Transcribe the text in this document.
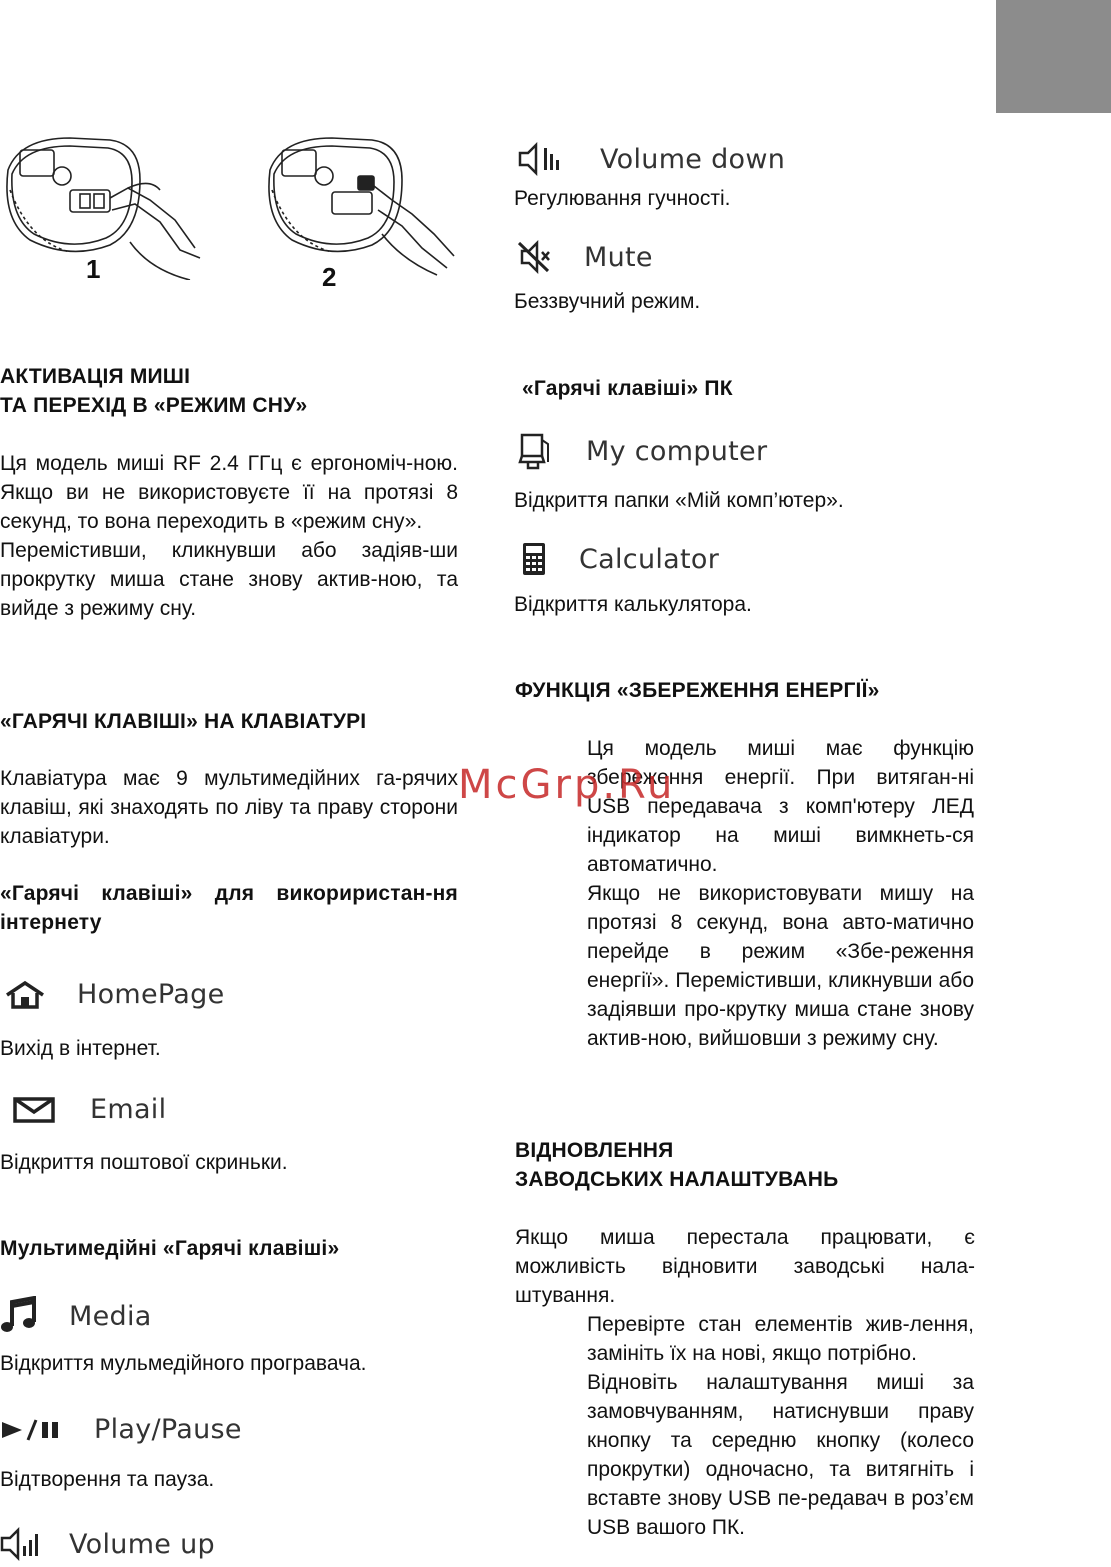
1	2

АКТИВАЦІЯ МИШІ

ТА ПЕРЕХІД В «РЕЖИМ СНУ»

Ця модель миші RF 2.4 ГГц є ергономіч-ною. Якщо ви не використовуєте її на протязі 8 секунд, то вона переходить в «режим сну».

Перемістивши, кликнувши або задіяв-ши прокрутку миша стане знову актив-ною, та вийде з режиму сну.

«ГАРЯЧІ КЛАВІШІ» НА КЛАВІАТУРІ

Клавіатура має 9 мультимедійних га-рячих клавіш, які знаходять по ліву та праву сторони клавіатури.

«Гарячі клавіші» для викориристан-ня інтернету

HomePage

Вихід в інтернет.

Email

Відкриття поштової скриньки.

Мультимедійні «Гарячі клавіші»

Media

Відкриття мульмедійного програвача.

Play/Pause

Відтворення та пауза.

Volume up
Volume down

Регулювання гучності.

Mute

Беззвучний режим.

«Гарячі клавіші» ПК

My computer

Відкриття папки «Мій комп’ютер».

Calculator

Відкриття калькулятора.

ФУНКЦІЯ «ЗБЕРЕЖЕННЯ ЕНЕРГІЇ»

Ця модель миші має функцію збереження енергії. При витяган-ні USB передавача з комп'ютеру ЛЕД індикатор на миші вимкнеть-ся автоматично.

Якщо не використовувати мишу на протязі 8 секунд, вона авто-матично перейде в режим «Збе-реження енергії». Перемістивши, кликнувши або задіявши про-крутку миша стане знову актив-ною, вийшовши з режиму сну.

ВІДНОВЛЕННЯ

ЗАВОДСЬКИХ НАЛАШТУВАНЬ

Якщо миша перестала працювати, є можливість відновити заводські нала-штування.

Перевірте стан елементів жив-лення, замініть їх на нові, якщо потрібно.

Відновіть налаштування миші за замовчуванням, натиснувши праву кнопку та середню кнопку (колесо прокрутки) одночасно, та витягніть і вставте знову USB пе-редавач в роз’єм USB вашого ПК.

McGrp.Ru
